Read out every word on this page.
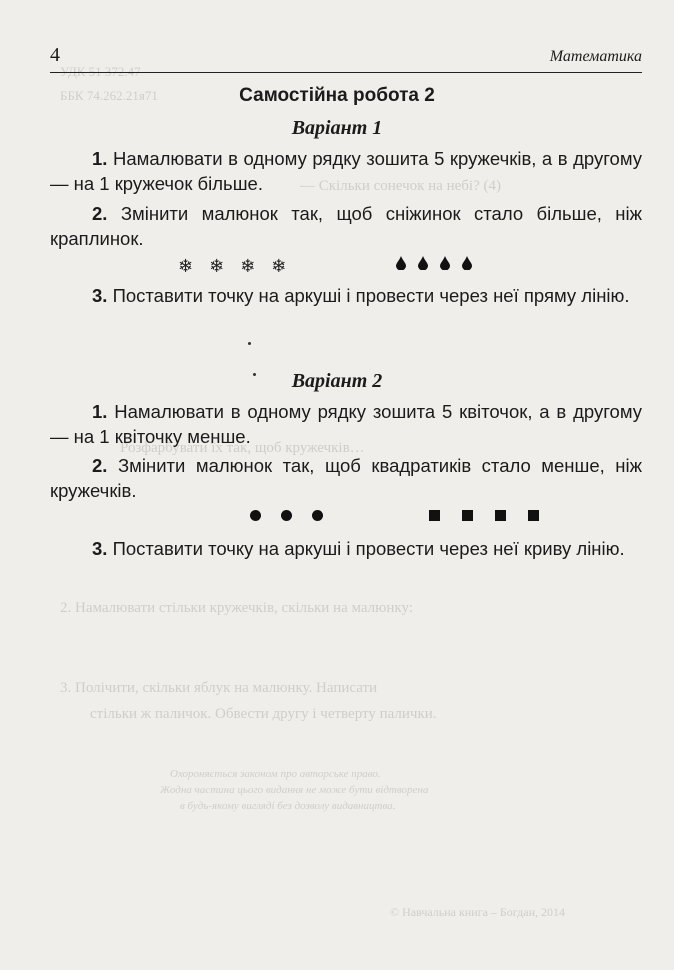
УДК 51 372.47
ББК 74.262.21я71
— Скільки сонечок на небі? (4)
Розфарбувати їх так, щоб кружечків…
2. Намалювати стільки кружечків, скільки на малюнку:
3. Полічити, скільки яблук на малюнку. Написати
стільки ж паличок. Обвести другу і четверту палички.
Охороняється законом про авторське право.
Жодна частина цього видання не може бути відтворена
в будь-якому вигляді без дозволу видавництва.
© Навчальна книга – Богдан, 2014
4	Математика
Самостійна робота 2
Варіант 1
1. Намалювати в одному рядку зошита 5 кружечків, а в другому — на 1 кружечок більше.
2. Змінити малюнок так, щоб сніжинок стало більше, ніж краплинок.
❄ ❄ ❄ ❄
3. Поставити точку на аркуші і провести через неї пряму лінію.
Варіант 2
1. Намалювати в одному рядку зошита 5 квіточок, а в другому — на 1 квіточку менше.
2. Змінити малюнок так, щоб квадратиків стало менше, ніж кружечків.
3. Поставити точку на аркуші і провести через неї криву лінію.
